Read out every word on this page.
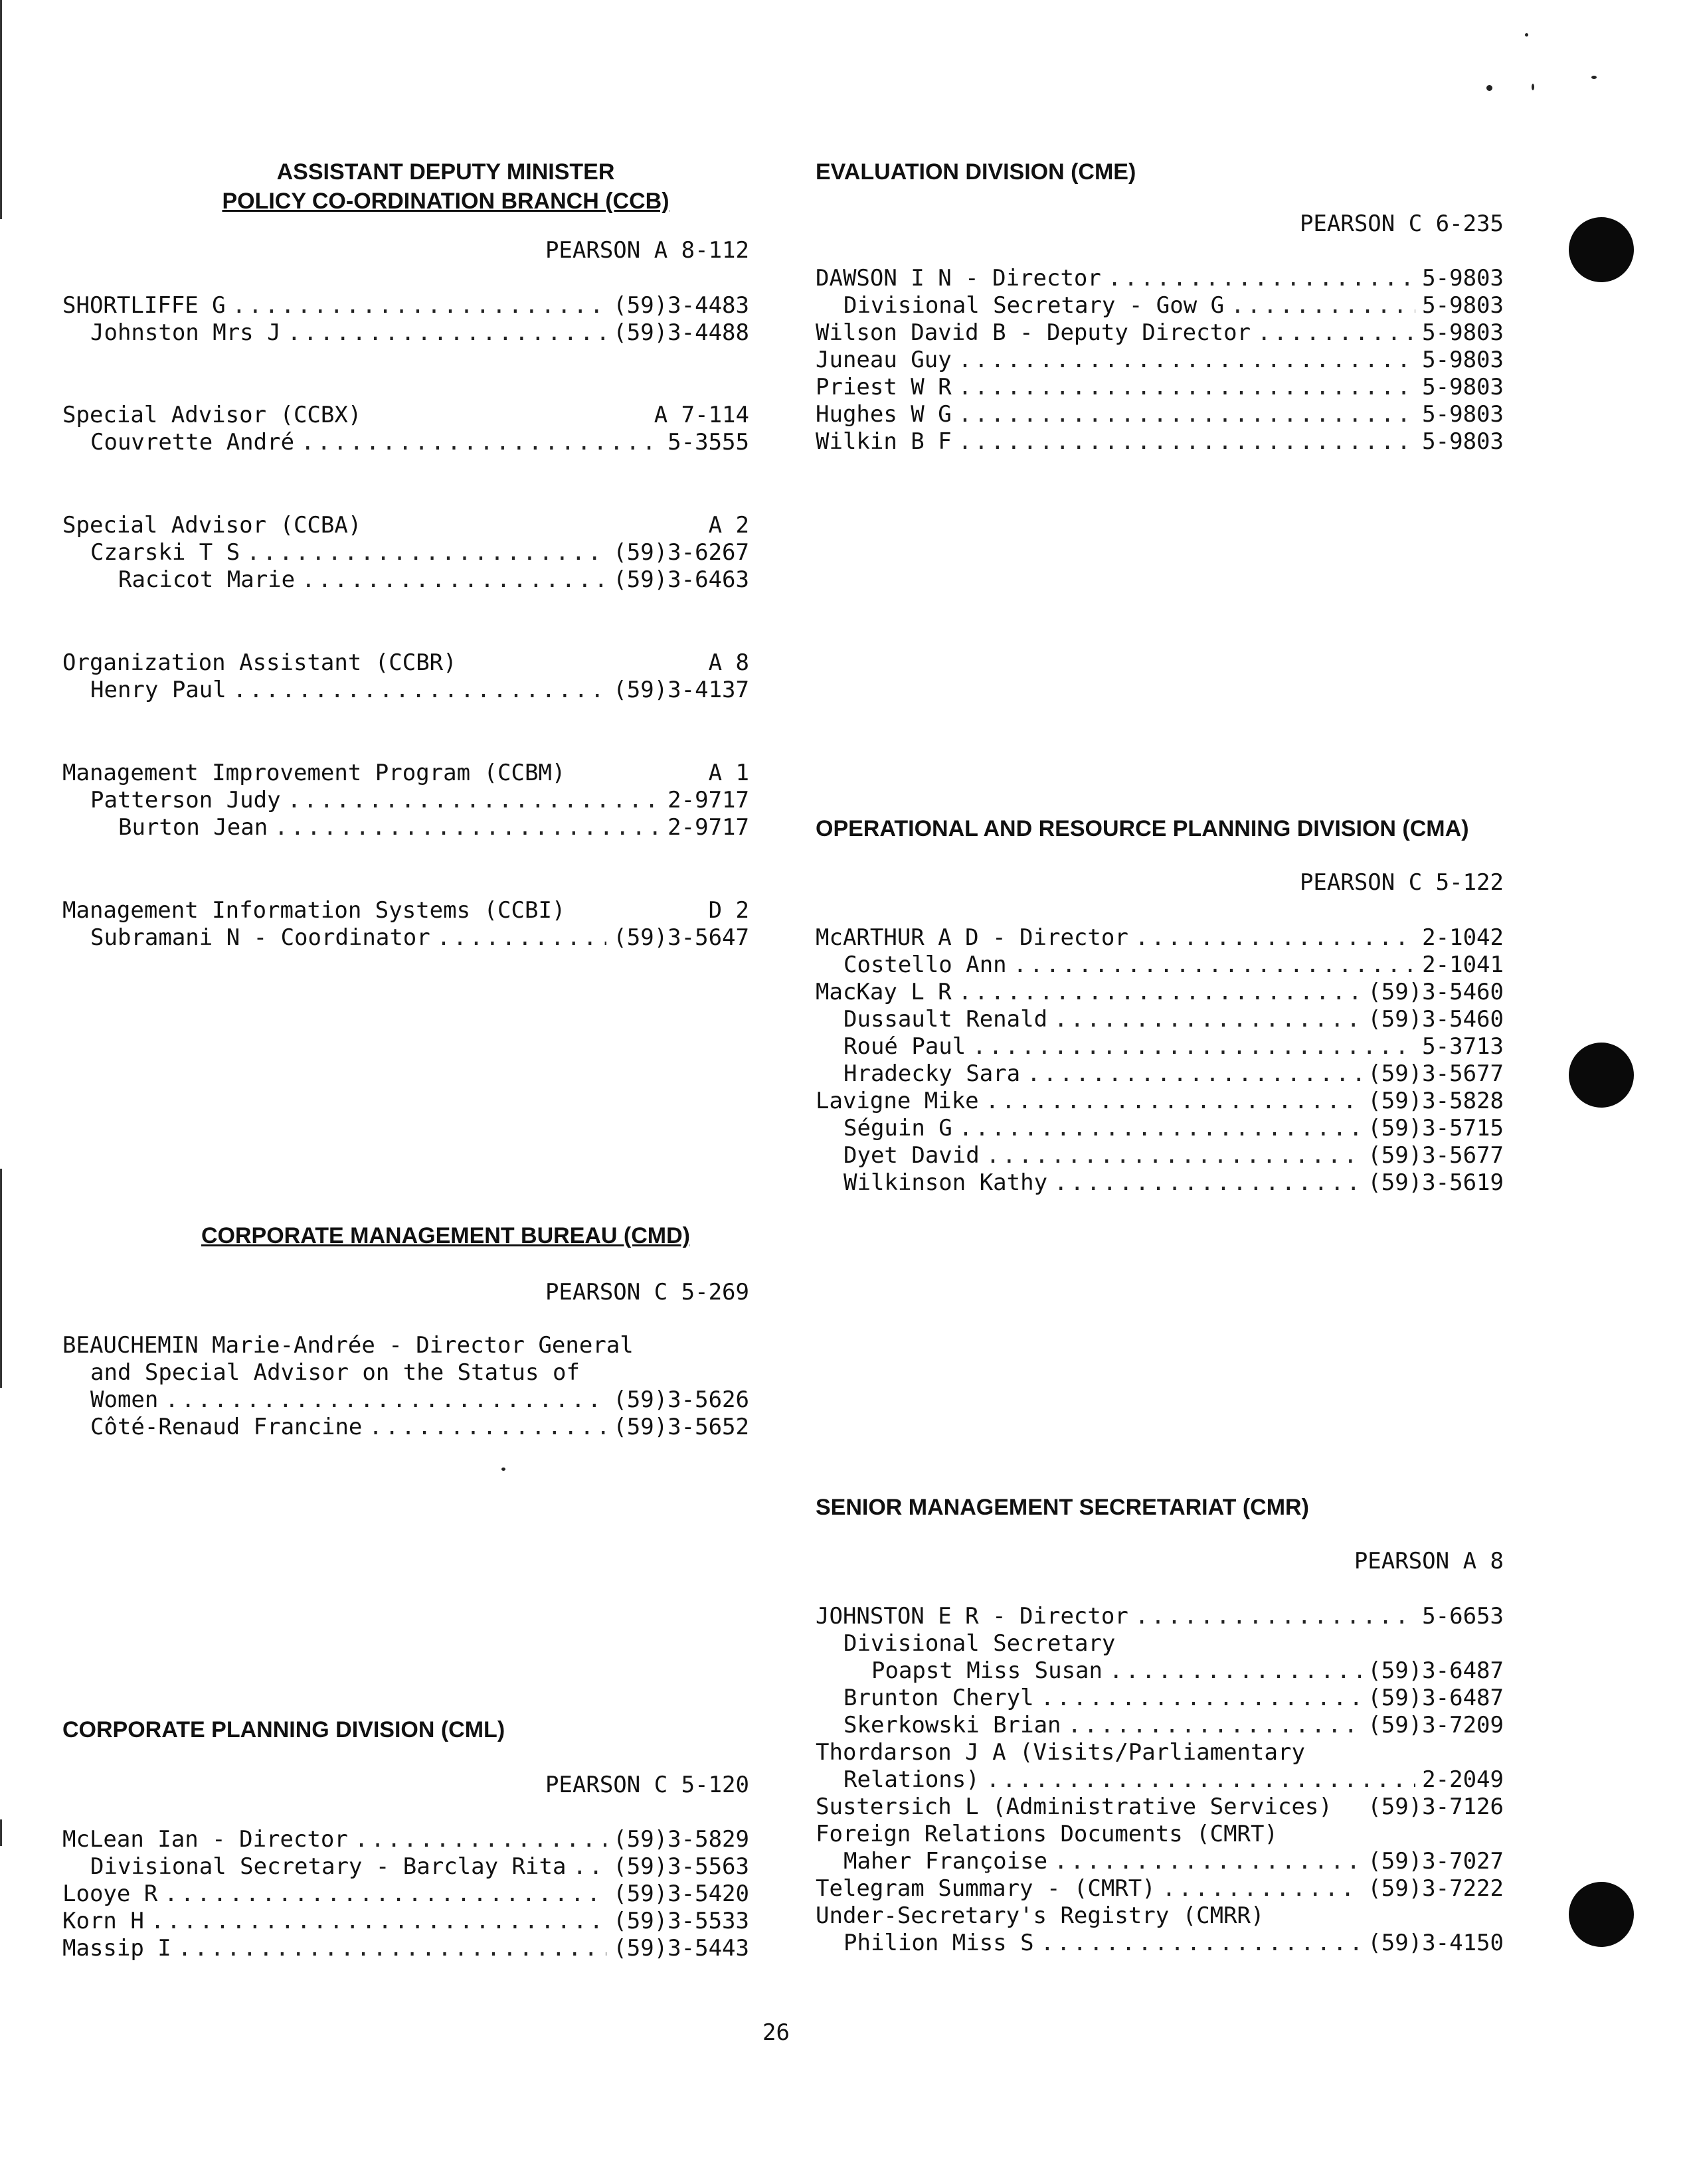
ASSISTANT DEPUTY MINISTER
POLICY CO-ORDINATION BRANCH (CCB)
PEARSON A 8-112
SHORTLIFFE G .....	(59)3-4483
Johnston Mrs J .....	(59)3-4488
Special Advisor (CCBX)	A 7-114
Couvrette André .....	5-3555
Special Advisor (CCBA)	A 2
Czarski T S .....	(59)3-6267
Racicot Marie .....	(59)3-6463
Organization Assistant (CCBR)	A 8
Henry Paul .....	(59)3-4137
Management Improvement Program (CCBM)	A 1
Patterson Judy .....	2-9717
Burton Jean .....	2-9717
Management Information Systems (CCBI)	D 2
Subramani N - Coordinator .....	(59)3-5647
CORPORATE MANAGEMENT BUREAU (CMD)
PEARSON C 5-269
BEAUCHEMIN Marie-Andrée - Director General
and Special Advisor on the Status of
Women .....	(59)3-5626
Côté-Renaud Francine .....	(59)3-5652
CORPORATE PLANNING DIVISION (CML)
PEARSON C 5-120
McLean Ian - Director .....	(59)3-5829
Divisional Secretary - Barclay Rita ..... (59)3-5563
Looye R .....	(59)3-5420
Korn H .....	(59)3-5533
Massip I .....	(59)3-5443
EVALUATION DIVISION (CME)
PEARSON C 6-235
DAWSON I N - Director .....	5-9803
Divisional Secretary - Gow G .....	5-9803
Wilson David B - Deputy Director .....	5-9803
Juneau Guy .....	5-9803
Priest W R .....	5-9803
Hughes W G .....	5-9803
Wilkin B F .....	5-9803
OPERATIONAL AND RESOURCE PLANNING DIVISION (CMA)
PEARSON C 5-122
McARTHUR A D - Director .....	2-1042
Costello Ann .....	2-1041
MacKay L R .....	(59)3-5460
Dussault Renald .....	(59)3-5460
Roué Paul .....	5-3713
Hradecky Sara .....	(59)3-5677
Lavigne Mike .....	(59)3-5828
Séguin G .....	(59)3-5715
Dyet David .....	(59)3-5677
Wilkinson Kathy .....	(59)3-5619
SENIOR MANAGEMENT SECRETARIAT (CMR)
PEARSON A 8
JOHNSTON E R - Director .....	5-6653
Divisional Secretary
Poapst Miss Susan .....	(59)3-6487
Brunton Cheryl .....	(59)3-6487
Skerkowski Brian .....	(59)3-7209
Thordarson J A (Visits/Parliamentary
Relations) .....	2-2049
Sustersich L (Administrative Services) (59)3-7126
Foreign Relations Documents (CMRT)
Maher Françoise .....	(59)3-7027
Telegram Summary - (CMRT) .....	(59)3-7222
Under-Secretary's Registry (CMRR)
Philion Miss S .....	(59)3-4150
26
